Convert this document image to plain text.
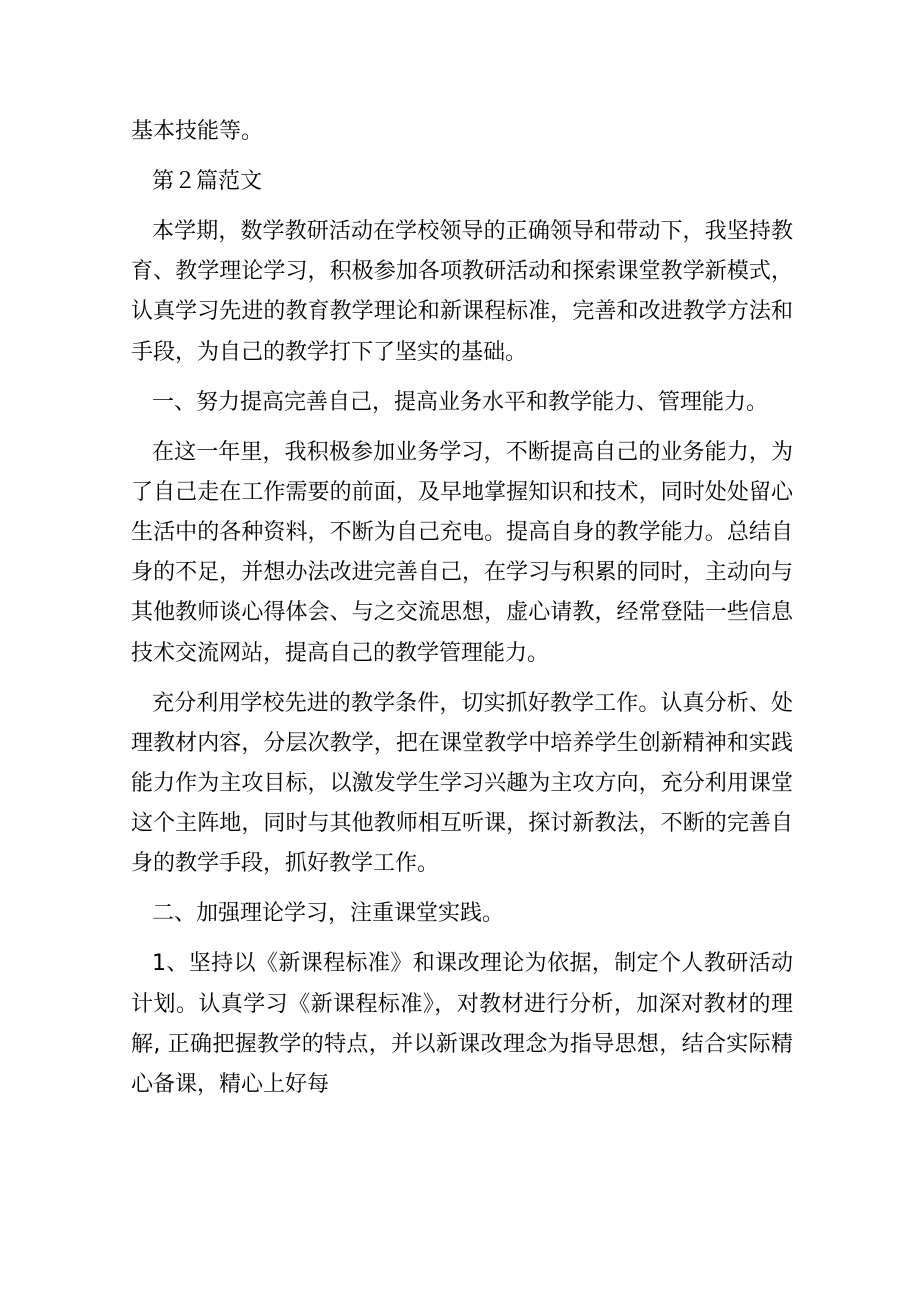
基本技能等。

第２篇范文

本学期，数学教研活动在学校领导的正确领导和带动下，我坚持教育、教学理论学习，积极参加各项教研活动和探索课堂教学新模式，认真学习先进的教育教学理论和新课程标准，完善和改进教学方法和手段，为自己的教学打下了坚实的基础。

一、努力提高完善自己，提高业务水平和教学能力、管理能力。

在这一年里，我积极参加业务学习，不断提高自己的业务能力，为了自己走在工作需要的前面，及早地掌握知识和技术，同时处处留心生活中的各种资料，不断为自己充电。提高自身的教学能力。总结自身的不足，并想办法改进完善自己，在学习与积累的同时，主动向与其他教师谈心得体会、与之交流思想，虚心请教，经常登陆一些信息技术交流网站，提高自己的教学管理能力。

充分利用学校先进的教学条件，切实抓好教学工作。认真分析、处理教材内容，分层次教学，把在课堂教学中培养学生创新精神和实践能力作为主攻目标，以激发学生学习兴趣为主攻方向，充分利用课堂这个主阵地，同时与其他教师相互听课，探讨新教法，不断的完善自身的教学手段，抓好教学工作。

二、加强理论学习，注重课堂实践。

1、坚持以《新课程标准》和课改理论为依据，制定个人教研活动计划。认真学习《新课程标准》，对教材进行分析，加深对教材的理解, 正确把握教学的特点，并以新课改理念为指导思想，结合实际精心备课，精心上好每
